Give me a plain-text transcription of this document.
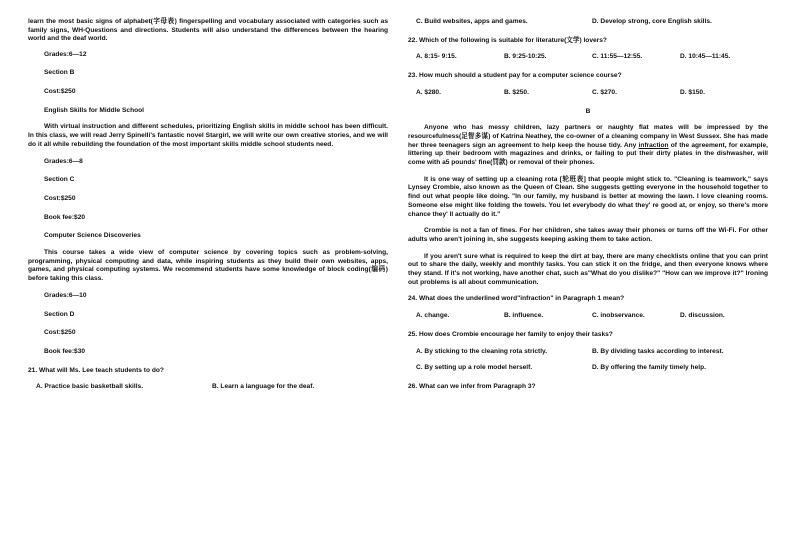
learn the most basic signs of alphabet(字母表) fingerspelling and vocabulary associated with categories such as family signs, WH-Questions and directions. Students will also understand the differences between the hearing world and the deaf world.

Grades:6—12

Section B

Cost:$250

English Skills for Middle School

With virtual instruction and different schedules, prioritizing English skills in middle school has been difficult. In this class, we will read Jerry Spinelli's fantastic novel Stargirl, we will write our own creative stories, and we will do it all while rebuilding the foundation of the most important skills middle school students need.

Grades:6—8

Section C

Cost:$250

Book fee:$20

Computer Science Discoveries

This course takes a wide view of computer science by covering topics such as problem-solving, programming, physical computing and data, while inspiring students as they build their own websites, apps, games, and physical computing systems. We recommend students have some knowledge of block coding(编码) before taking this class.

Grades:6—10

Section D

Cost:$250

Book fee:$30

21. What will Ms. Lee teach students to do?

A. Practice basic basketball skills.	B. Learn a language for the deaf.
C. Build websites, apps and games.	D. Develop strong, core English skills.

22. Which of the following is suitable for literature(文学) lovers?

A. 8:15- 9:15.	B. 9:25-10:25.	C. 11:55—12:55.	D. 10:45—11:45.

23. How much should a student pay for a computer science course?

A. $280.	B. $250.	C. $270.	D. $150.

B

Anyone who has messy children, lazy partners or naughty flat mates will be impressed by the resourcefulness(足智多谋) of Katrina Neathey, the co-owner of a cleaning company in West Sussex. She has made her three teenagers sign an agreement to help keep the house tidy. Any infraction of the agreement, for example, littering up their bedroom with magazines and drinks, or failing to put their dirty plates in the dishwasher, will come with a5 pounds' fine(罚款) or removal of their phones.

It is one way of setting up a cleaning rota [轮班表] that people might stick to. "Cleaning is teamwork," says Lynsey Crombie, also known as the Queen of Clean. She suggests getting everyone in the household together to find out what people like doing. "In our family, my husband is better at mowing the lawn. I love cleaning rooms. Someone else might like folding the towels. You let everybody do what they' re good at, or enjoy, so there's more chance they' ll actually do it."

Crombie is not a fan of fines. For her children, she takes away their phones or turns off the Wi-Fi. For other adults who aren't joining in, she suggests keeping asking them to take action.

If you aren't sure what is required to keep the dirt at bay, there are many checklists online that you can print out to share the daily, weekly and monthly tasks. You can stick it on the fridge, and then everyone knows where they stand. If it's not working, have another chat, such as"What do you dislike?" "How can we improve it?" Ironing out problems is all about communication.

24. What does the underlined word"infraction" in Paragraph 1 mean?

A. change.	B. influence.	C. inobservance.	D. discussion.

25. How does Crombie encourage her family to enjoy their tasks?

A. By sticking to the cleaning rota strictly.	B. By dividing tasks according to interest.
C. By setting up a role model herself.	D. By offering the family timely help.

26. What can we infer from Paragraph 3?
